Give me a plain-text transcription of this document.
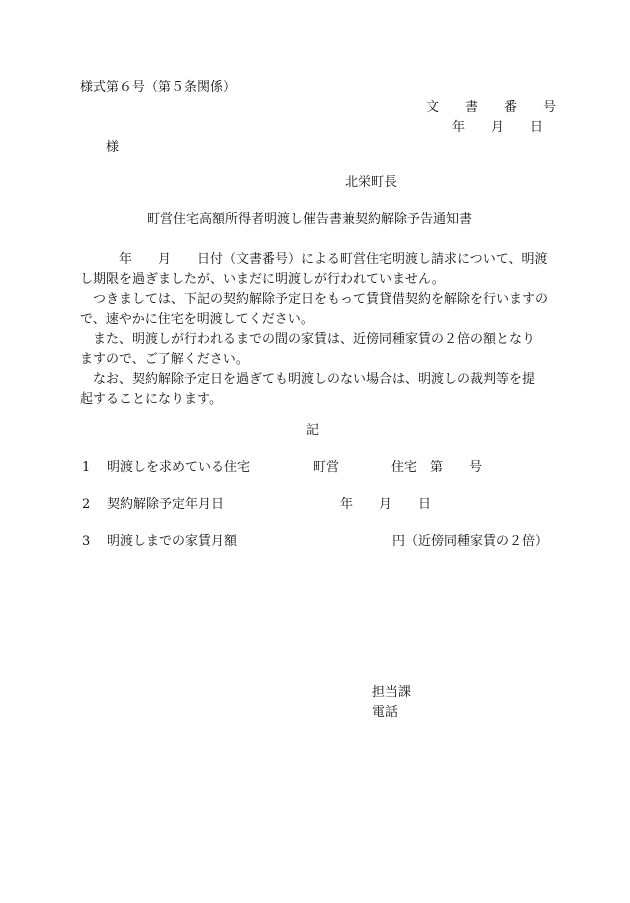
様式第６号（第５条関係）
文　　書　　番　　号
年　　月　　日
様
北栄町長
町営住宅高額所得者明渡し催告書兼契約解除予告通知書
　　　年　　月　　日付（文書番号）による町営住宅明渡し請求について、明渡
し期限を過ぎましたが、いまだに明渡しが行われていません。
　つきましては、下記の契約解除予定日をもって賃貸借契約を解除を行いますの
で、速やかに住宅を明渡してください。
　また、明渡しが行われるまでの間の家賃は、近傍同種家賃の２倍の額となり
ますので、ご了解ください。
　なお、契約解除予定日を過ぎても明渡しのない場合は、明渡しの裁判等を提
起することになります。
記
1 明渡しを求めている住宅	町営　　　　住宅　第　　号
2 契約解除予定年月日	年　　月　　日
3 明渡しまでの家賃月額	円（近傍同種家賃の２倍）
担当課
電話
